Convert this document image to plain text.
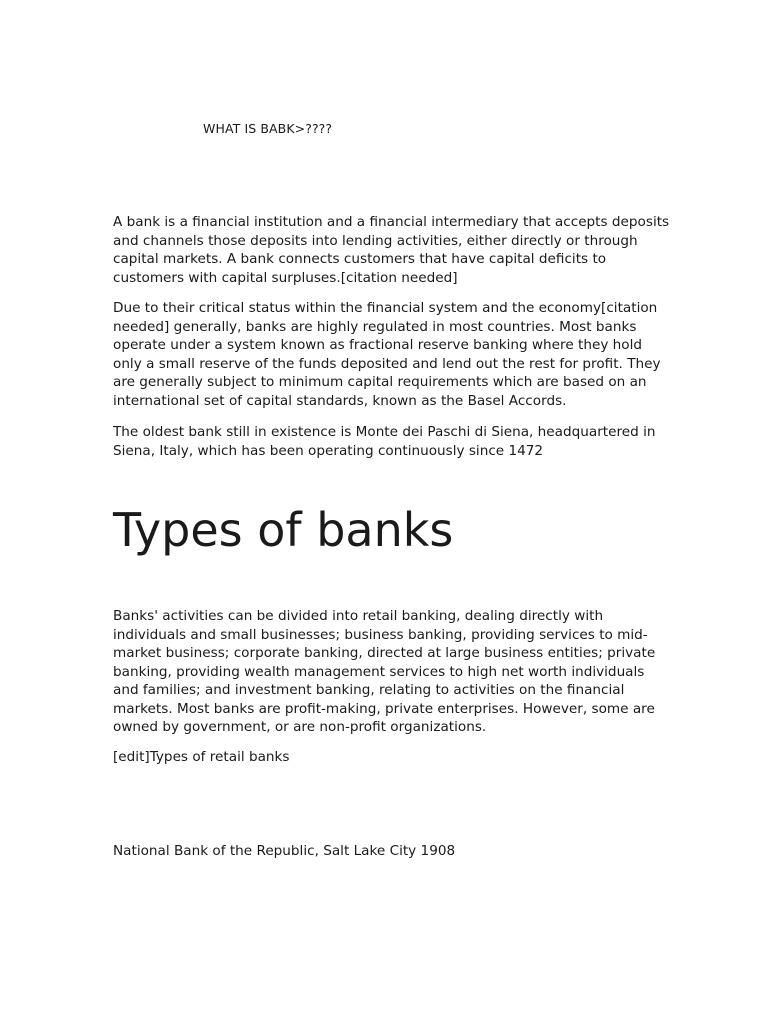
WHAT IS BABK>????

A bank is a financial institution and a financial intermediary that accepts deposits and channels those deposits into lending activities, either directly or through capital markets. A bank connects customers that have capital deficits to customers with capital surpluses.[citation needed]

Due to their critical status within the financial system and the economy[citation needed] generally, banks are highly regulated in most countries. Most banks operate under a system known as fractional reserve banking where they hold only a small reserve of the funds deposited and lend out the rest for profit. They are generally subject to minimum capital requirements which are based on an international set of capital standards, known as the Basel Accords.

The oldest bank still in existence is Monte dei Paschi di Siena, headquartered in Siena, Italy, which has been operating continuously since 1472

Types of banks

Banks' activities can be divided into retail banking, dealing directly with individuals and small businesses; business banking, providing services to mid-market business; corporate banking, directed at large business entities; private banking, providing wealth management services to high net worth individuals and families; and investment banking, relating to activities on the financial markets. Most banks are profit-making, private enterprises. However, some are owned by government, or are non-profit organizations.

[edit]Types of retail banks
National Bank of the Republic, Salt Lake City 1908
